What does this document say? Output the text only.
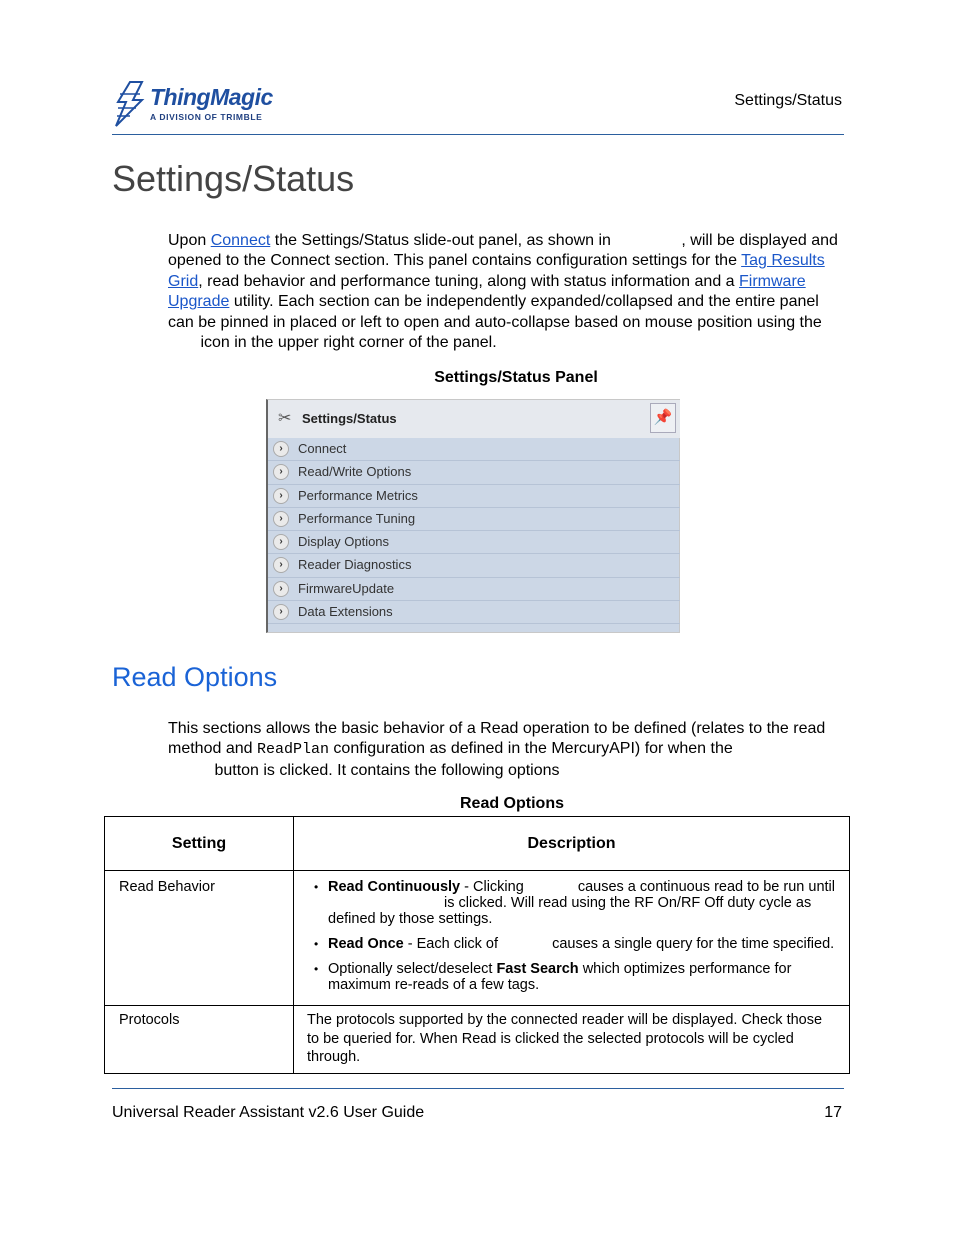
ThingMagic
A DIVISION OF TRIMBLE
Settings/Status
Settings/Status
Upon Connect the Settings/Status slide-out panel, as shown in	, will be displayed and opened to the Connect section. This panel contains configuration settings for the Tag Results Grid, read behavior and performance tuning, along with status information and a Firmware Upgrade utility. Each section can be independently expanded/collapsed and the entire panel can be pinned in placed or left to open and auto-collapse based on mouse position using the  icon in the upper right corner of the panel.
Settings/Status Panel
✂ Settings/Status	📌
›	Connect
›	Read/Write Options
›	Performance Metrics
›	Performance Tuning
›	Display Options
›	Reader Diagnostics
›	FirmwareUpdate
›	Data Extensions
Read Options
This sections allows the basic behavior of a Read operation to be defined (relates to the read method and ReadPlan configuration as defined in the MercuryAPI) for when the
button is clicked. It contains the following options
Read Options
Setting	Description
Read Behavior	• Read Continuously - Clicking causes a continuous read to be run until  is clicked. Will read using the RF On/RF Off duty cycle as defined by those settings.
• Read Once - Each click of causes a single query for the time specified.
• Optionally select/deselect Fast Search which optimizes performance for maximum re-reads of a few tags.

Protocols	The protocols supported by the connected reader will be displayed. Check those to be queried for. When Read is clicked the selected protocols will be cycled through.
Universal Reader Assistant v2.6 User Guide	17
